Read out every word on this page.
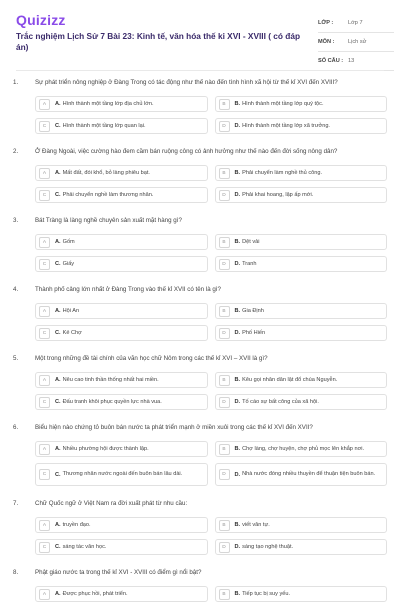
Quizizz
Trắc nghiệm Lịch Sử 7 Bài 23: Kinh tế, văn hóa thế kỉ XVI - XVIII ( có đáp án)
LỚP :	Lớp 7
MÔN :	Lịch sử
SỐ CÂU : 13
1.	Sự phát triển nông nghiệp ở Đàng Trong có tác động như thế nào đến tình hình xã hội từ thế kỉ XVI đến XVIII?
A	A. Hình thành một tầng lớp địa chủ lớn.	B	B. Hình thành một tầng lớp quý tộc.
C	C. Hình thành một tầng lớp quan lại.	D	D. Hình thành một tầng lớp xã trưởng.
2.	Ở Đàng Ngoài, việc cường hào đem cầm bán ruộng công có ảnh hưởng như thế nào đến đời sống nông dân?
A	A. Mất đất, đói khổ, bỏ làng phiêu bạt.	B	B. Phải chuyển làm nghề thủ công.
C	C. Phải chuyển nghề làm thương nhân.	D	D. Phải khai hoang, lập ấp mới.
3.	Bát Tràng là làng nghề chuyên sản xuất mặt hàng gì?
A	A. Gốm	B	B. Dệt vải
C	C. Giấy	D	D. Tranh
4.	Thành phố cảng lớn nhất ở Đàng Trong vào thế kỉ XVII có tên là gì?
A	A. Hội An	B	B. Gia Định
C	C. Kẻ Chợ	D	D. Phố Hiến
5.	Một trong những đề tài chính của văn học chữ Nôm trong các thế kỉ XVI – XVII là gì?
A	A. Nêu cao tinh thần thống nhất hai miền.	B	B. Kêu gọi nhân dân lật đổ chúa Nguyễn.
C	C. Đấu tranh khôi phục quyền lực nhà vua.	D	D. Tố cáo sự bất công của xã hội.
6.	Biểu hiện nào chứng tỏ buôn bán nước ta phát triển mạnh ở miền xuôi trong các thế kỉ XVI đến XVII?
A	A. Nhiều phường hội được thành lập.	B	B. Chợ làng, chợ huyện, chợ phủ mọc lên khắp nơi.
C	C. Thương nhân nước ngoài đến buôn bán lâu dài.	D	D. Nhà nước đóng nhiều thuyền để thuận tiện buôn bán.
7.	Chữ Quốc ngữ ở Việt Nam ra đời xuất phát từ nhu cầu:
A	A. truyền đạo.	B	B. viết văn tự.
C	C. sáng tác văn học.	D	D. sáng tạo nghệ thuật.
8.	Phật giáo nước ta trong thế kỉ XVI - XVIII có điểm gì nổi bật?
A	A. Được phục hồi, phát triển.	B	B. Tiếp tục bị suy yếu.
